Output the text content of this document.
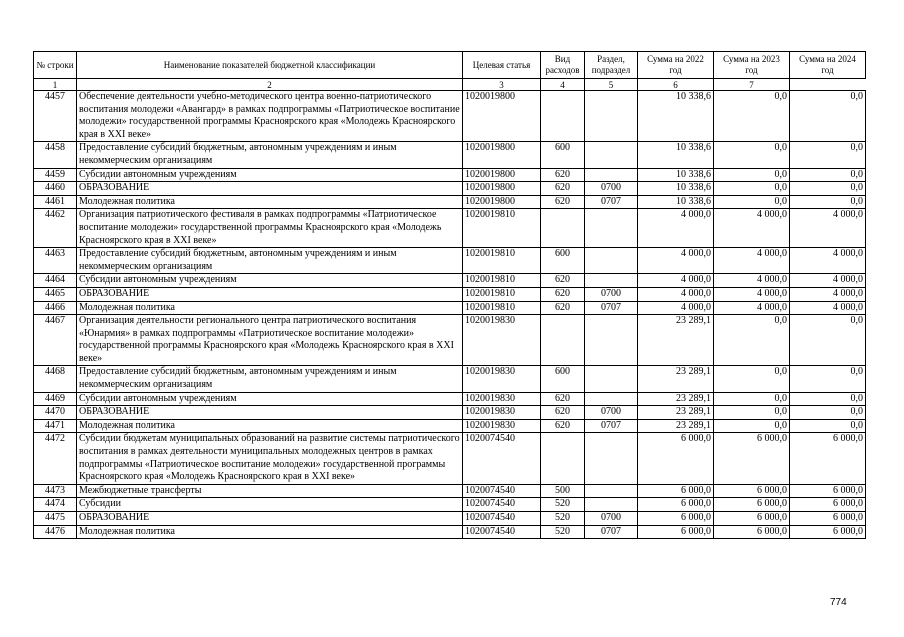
№ строки	Наименование показателей бюджетной классификации	Целевая статья	Вид расходов	Раздел, подраздел	Сумма на 2022 год	Сумма на 2023 год	Сумма на 2024 год
1	2	3	4	5	6	7	
4457	Обеспечение деятельности учебно-методического центра военно-патриотического воспитания молодежи «Авангард» в рамках подпрограммы «Патриотическое воспитание молодежи» государственной программы Красноярского края «Молодежь Красноярского края в XXI веке»	1020019800			10 338,6	0,0	0,0
4458	Предоставление субсидий бюджетным, автономным учреждениям и иным некоммерческим организациям	1020019800	600		10 338,6	0,0	0,0
4459	Субсидии автономным учреждениям	1020019800	620		10 338,6	0,0	0,0
4460	ОБРАЗОВАНИЕ	1020019800	620	0700	10 338,6	0,0	0,0
4461	Молодежная политика	1020019800	620	0707	10 338,6	0,0	0,0
4462	Организация патриотического фестиваля в рамках подпрограммы «Патриотическое воспитание молодежи» государственной программы Красноярского края «Молодежь Красноярского края в XXI веке»	1020019810			4 000,0	4 000,0	4 000,0
4463	Предоставление субсидий бюджетным, автономным учреждениям и иным некоммерческим организациям	1020019810	600		4 000,0	4 000,0	4 000,0
4464	Субсидии автономным учреждениям	1020019810	620		4 000,0	4 000,0	4 000,0
4465	ОБРАЗОВАНИЕ	1020019810	620	0700	4 000,0	4 000,0	4 000,0
4466	Молодежная политика	1020019810	620	0707	4 000,0	4 000,0	4 000,0
4467	Организация деятельности регионального центра патриотического воспитания «Юнармия» в рамках подпрограммы «Патриотическое воспитание молодежи» государственной программы Красноярского края «Молодежь Красноярского края в XXI веке»	1020019830			23 289,1	0,0	0,0
4468	Предоставление субсидий бюджетным, автономным учреждениям и иным некоммерческим организациям	1020019830	600		23 289,1	0,0	0,0
4469	Субсидии автономным учреждениям	1020019830	620		23 289,1	0,0	0,0
4470	ОБРАЗОВАНИЕ	1020019830	620	0700	23 289,1	0,0	0,0
4471	Молодежная политика	1020019830	620	0707	23 289,1	0,0	0,0
4472	Субсидии бюджетам муниципальных образований на развитие системы патриотического воспитания в рамках деятельности муниципальных молодежных центров в рамках подпрограммы «Патриотическое воспитание молодежи» государственной программы Красноярского края «Молодежь Красноярского края в XXI веке»	1020074540			6 000,0	6 000,0	6 000,0
4473	Межбюджетные трансферты	1020074540	500		6 000,0	6 000,0	6 000,0
4474	Субсидии	1020074540	520		6 000,0	6 000,0	6 000,0
4475	ОБРАЗОВАНИЕ	1020074540	520	0700	6 000,0	6 000,0	6 000,0
4476	Молодежная политика	1020074540	520	0707	6 000,0	6 000,0	6 000,0
774
